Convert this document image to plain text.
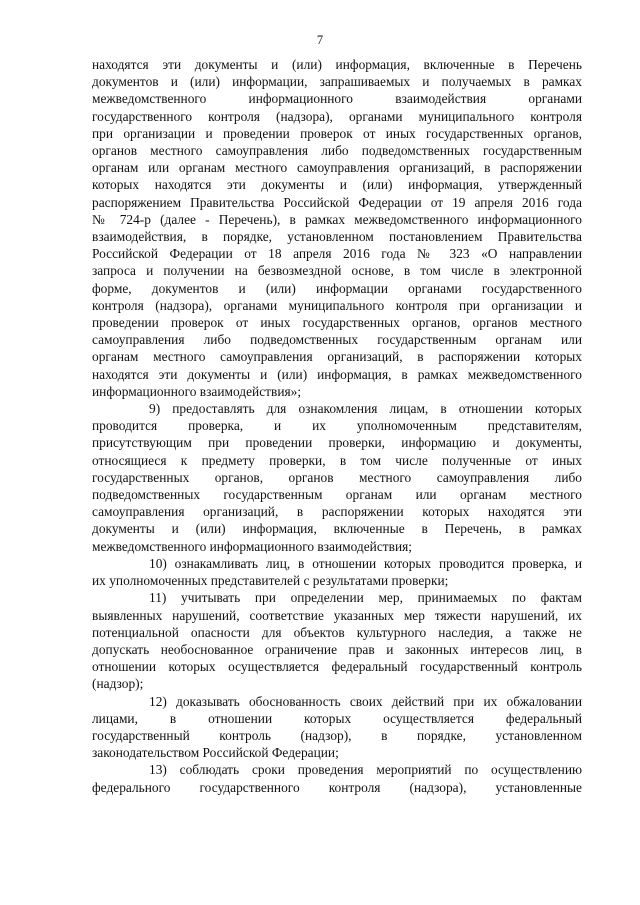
7

находятся эти документы и (или) информация, включенные в Перечень

документов и (или) информации, запрашиваемых и получаемых в рамках

межведомственного информационного взаимодействия органами

государственного контроля (надзора), органами муниципального контроля

при организации и проведении проверок от иных государственных органов,

органов местного самоуправления либо подведомственных государственным

органам или органам местного самоуправления организаций, в распоряжении

которых находятся эти документы и (или) информация, утвержденный

распоряжением Правительства Российской Федерации от 19 апреля 2016 года

№ 724-р (далее - Перечень), в рамках межведомственного информационного

взаимодействия, в порядке, установленном постановлением Правительства

Российской Федерации от 18 апреля 2016 года № 323 «О направлении

запроса и получении на безвозмездной основе, в том числе в электронной

форме, документов и (или) информации органами государственного

контроля (надзора), органами муниципального контроля при организации и

проведении проверок от иных государственных органов, органов местного

самоуправления либо подведомственных государственным органам или

органам местного самоуправления организаций, в распоряжении которых

находятся эти документы и (или) информация, в рамках межведомственного

информационного взаимодействия»;

9) предоставлять для ознакомления лицам, в отношении которых

проводится проверка, и их уполномоченным представителям,

присутствующим при проведении проверки, информацию и документы,

относящиеся к предмету проверки, в том числе полученные от иных

государственных органов, органов местного самоуправления либо

подведомственных государственным органам или органам местного

самоуправления организаций, в распоряжении которых находятся эти

документы и (или) информация, включенные в Перечень, в рамках

межведомственного информационного взаимодействия;

10) ознакамливать лиц, в отношении которых проводится проверка, и

их уполномоченных представителей с результатами проверки;

11) учитывать при определении мер, принимаемых по фактам

выявленных нарушений, соответствие указанных мер тяжести нарушений, их

потенциальной опасности для объектов культурного наследия, а также не

допускать необоснованное ограничение прав и законных интересов лиц, в

отношении которых осуществляется федеральный государственный контроль

(надзор);

12) доказывать обоснованность своих действий при их обжаловании

лицами, в отношении которых осуществляется федеральный

государственный контроль (надзор), в порядке, установленном

законодательством Российской Федерации;

13) соблюдать сроки проведения мероприятий по осуществлению

федерального государственного контроля (надзора), установленные
